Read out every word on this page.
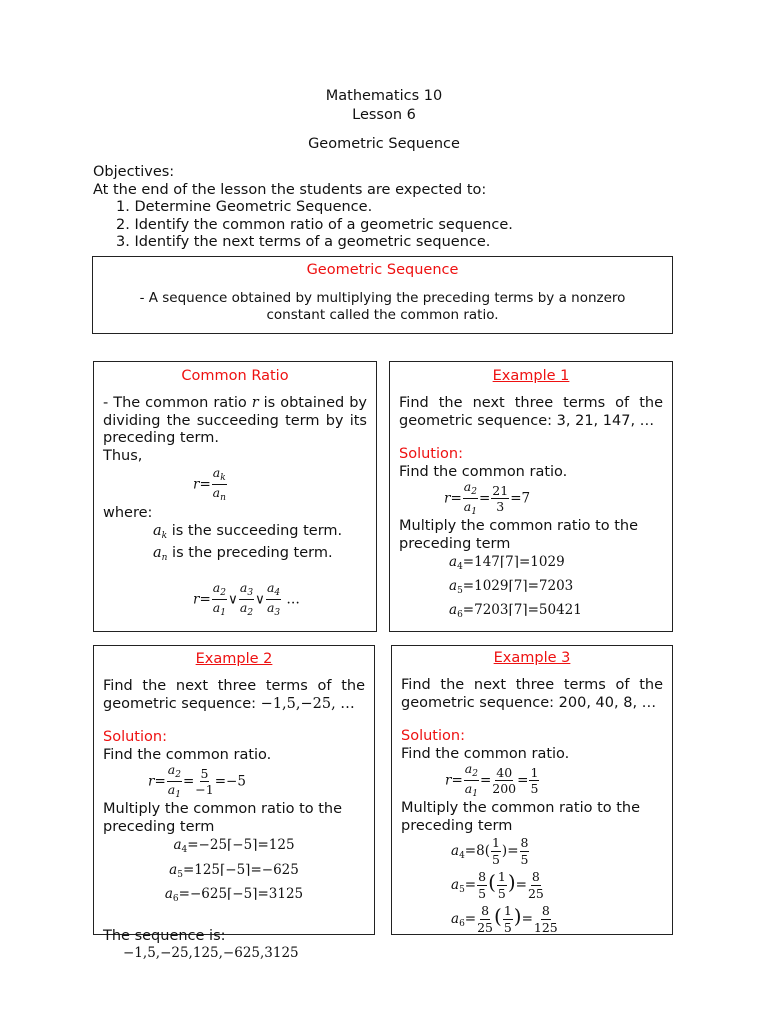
Mathematics 10
Lesson 6
Geometric Sequence
Objectives:
At the end of the lesson the students are expected to:
1. Determine Geometric Sequence.
2. Identify the common ratio of a geometric sequence.
3. Identify the next terms of a geometric sequence.
Geometric Sequence
- A sequence obtained by multiplying the preceding terms by a nonzero
constant called the common ratio.
Common Ratio
- The common ratio r is obtained by dividing the succeeding term by its preceding term.
Thus,
$r= \frac{a_k}{a_n}$
where:
$a_k$ is the succeeding term.
$a_n$ is the preceding term.
$r= \frac{a_2}{a_1}$ ∨ $\frac{a_3}{a_2}$ ∨ $\frac{a_4}{a_3}$ …
Example 1
Find the next three terms of the geometric sequence: 3, 21, 147, …
Solution:
Find the common ratio.
$r= \frac{a_2}{a_1} = \frac{21}{3} =7$
Multiply the common ratio to the preceding term
$a_4=147⌈7⌉=1029$
$a_5=1029⌈7⌉=7203$
$a_6=7203⌈7⌉=50421$
Example 2
Find the next three terms of the geometric sequence: −1,5,−25, …
Solution:
Find the common ratio.
$r= \frac{a_2}{a_1} = \frac{5}{-1} =-5$
Multiply the common ratio to the preceding term
$a_4=-25⌈-5⌉=125$
$a_5=125⌈-5⌉=-625$
$a_6=-625⌈-5⌉=3125$
The sequence is:
−1,5,−25,125,−625,3125
Example 3
Find the next three terms of the geometric sequence: 200, 40, 8, …
Solution:
Find the common ratio.
$r= \frac{a_2}{a_1} = \frac{40}{200} = \frac{1}{5}$
Multiply the common ratio to the preceding term
$a_4=8( \frac{1}{5}$ )= $\frac{8}{5}$
$a_5= \frac{8}{5}$ ( $\frac{1}{5}$ )= $\frac{8}{25}$
$a_6= \frac{8}{25}$ ( $\frac{1}{5}$ )= $\frac{8}{125}$
